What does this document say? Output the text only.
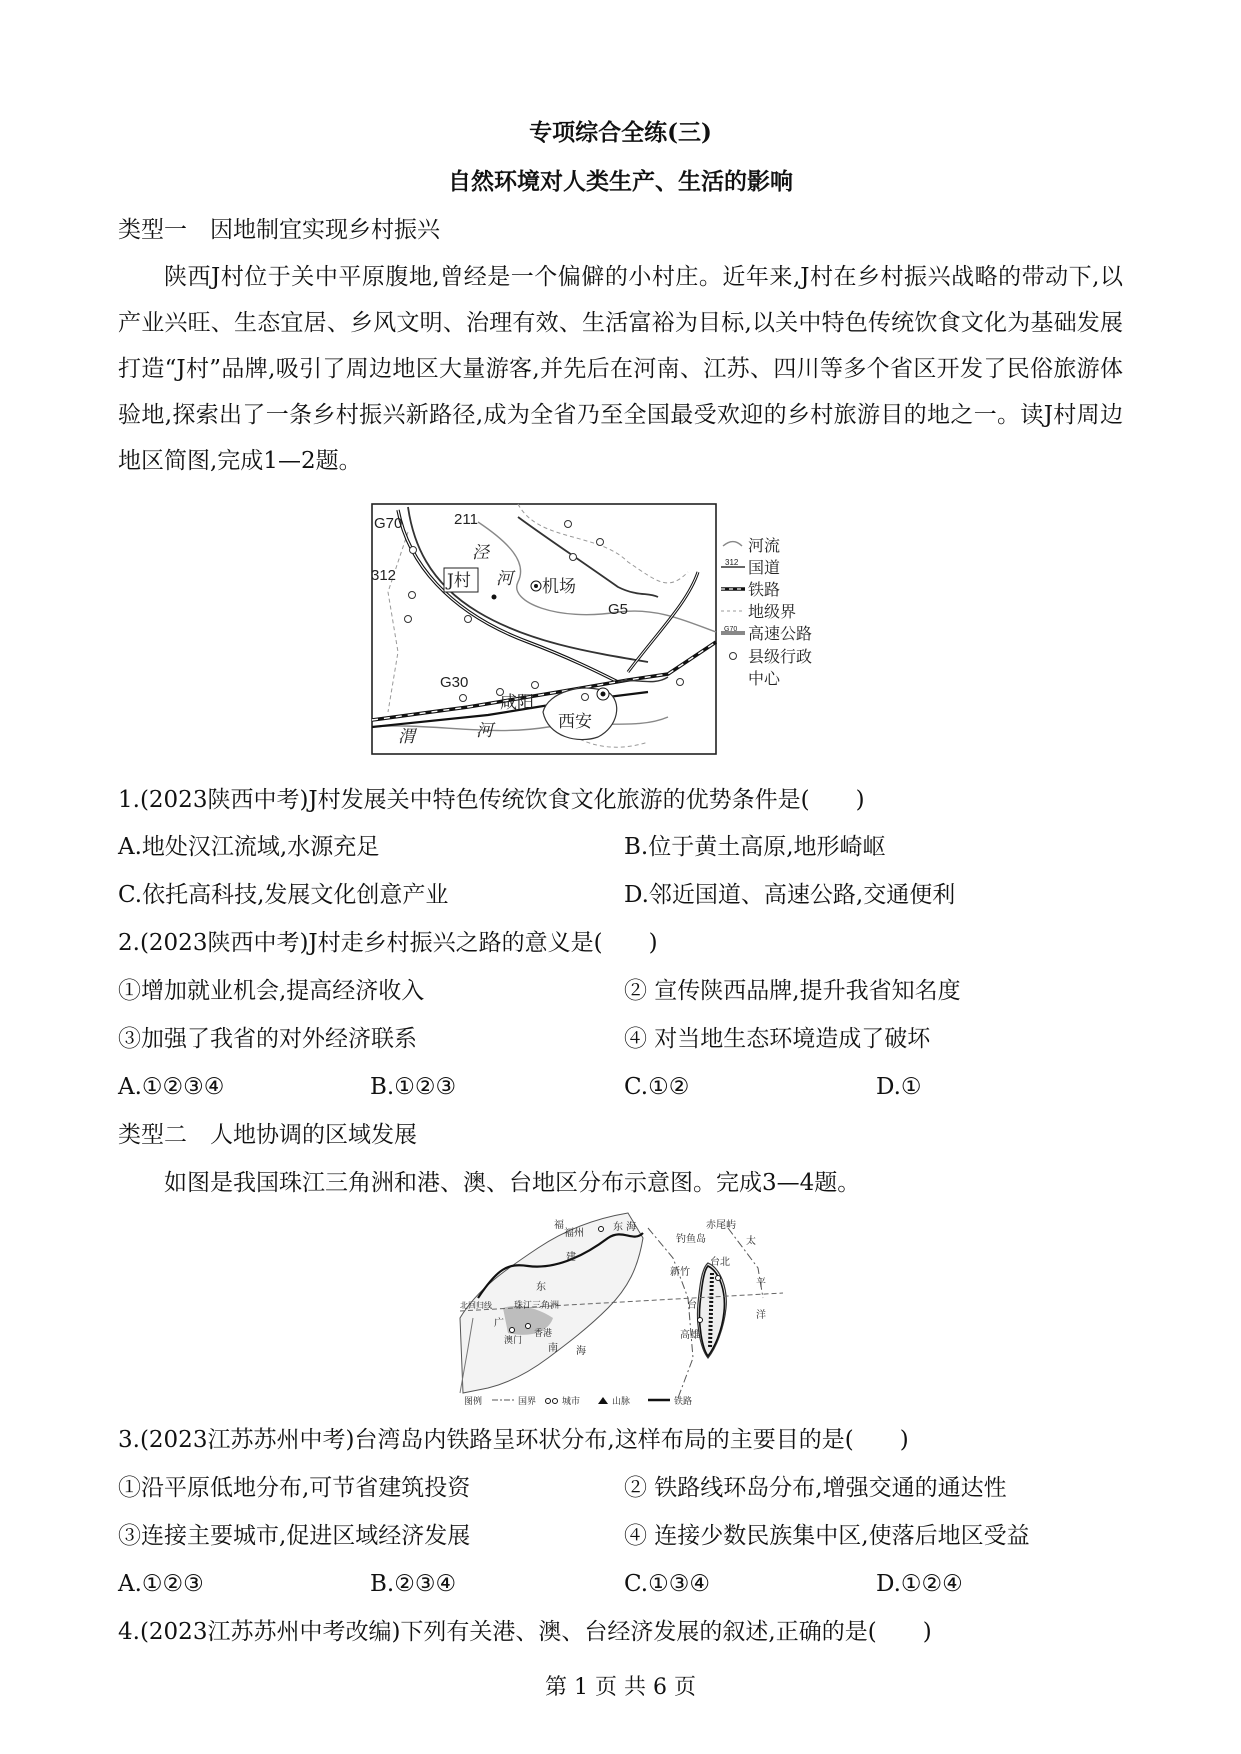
专项综合全练(三)
自然环境对人类生产、生活的影响
类型一　因地制宜实现乡村振兴
陕西J村位于关中平原腹地,曾经是一个偏僻的小村庄。近年来,J村在乡村振兴战略的带动下,以产业兴旺、生态宜居、乡风文明、治理有效、生活富裕为目标,以关中特色传统饮食文化为基础发展打造“J村”品牌,吸引了周边地区大量游客,并先后在河南、江苏、四川等多个省区开发了民俗旅游体验地,探索出了一条乡村振兴新路径,成为全省乃至全国最受欢迎的乡村旅游目的地之一。读J村周边地区简图,完成1—2题。
G70	211
312
G5
G30
泾
河
渭	河
J村	机场
咸阳
西安
河流
312 国道
铁路
地级界
G70 高速公路
县级行政
中心
1.(2023陕西中考)J村发展关中特色传统饮食文化旅游的优势条件是(　　)
A.地处汉江流域,水源充足	B.位于黄土高原,地形崎岖
C.依托高科技,发展文化创意产业	D.邻近国道、高速公路,交通便利
2.(2023陕西中考)J村走乡村振兴之路的意义是(　　)
①增加就业机会,提高经济收入	② 宣传陕西品牌,提升我省知名度
③加强了我省的对外经济联系	④ 对当地生态环境造成了破坏
A.①②③④	B.①②③	C.①②	D.①
类型二　人地协调的区域发展
如图是我国珠江三角洲和港、澳、台地区分布示意图。完成3—4题。
福
福州
东 海	赤尾屿
钓鱼岛	太
建	台北
新竹
平
洋
东
北回归线 珠江三角洲
广
香港
澳门
南 海
高雄
台
图例	国界	城市	山脉	铁路
3.(2023江苏苏州中考)台湾岛内铁路呈环状分布,这样布局的主要目的是(　　)
①沿平原低地分布,可节省建筑投资	② 铁路线环岛分布,增强交通的通达性
③连接主要城市,促进区域经济发展	④ 连接少数民族集中区,使落后地区受益
A.①②③	B.②③④	C.①③④	D.①②④
4.(2023江苏苏州中考改编)下列有关港、澳、台经济发展的叙述,正确的是(　　)
第 1 页 共 6 页
